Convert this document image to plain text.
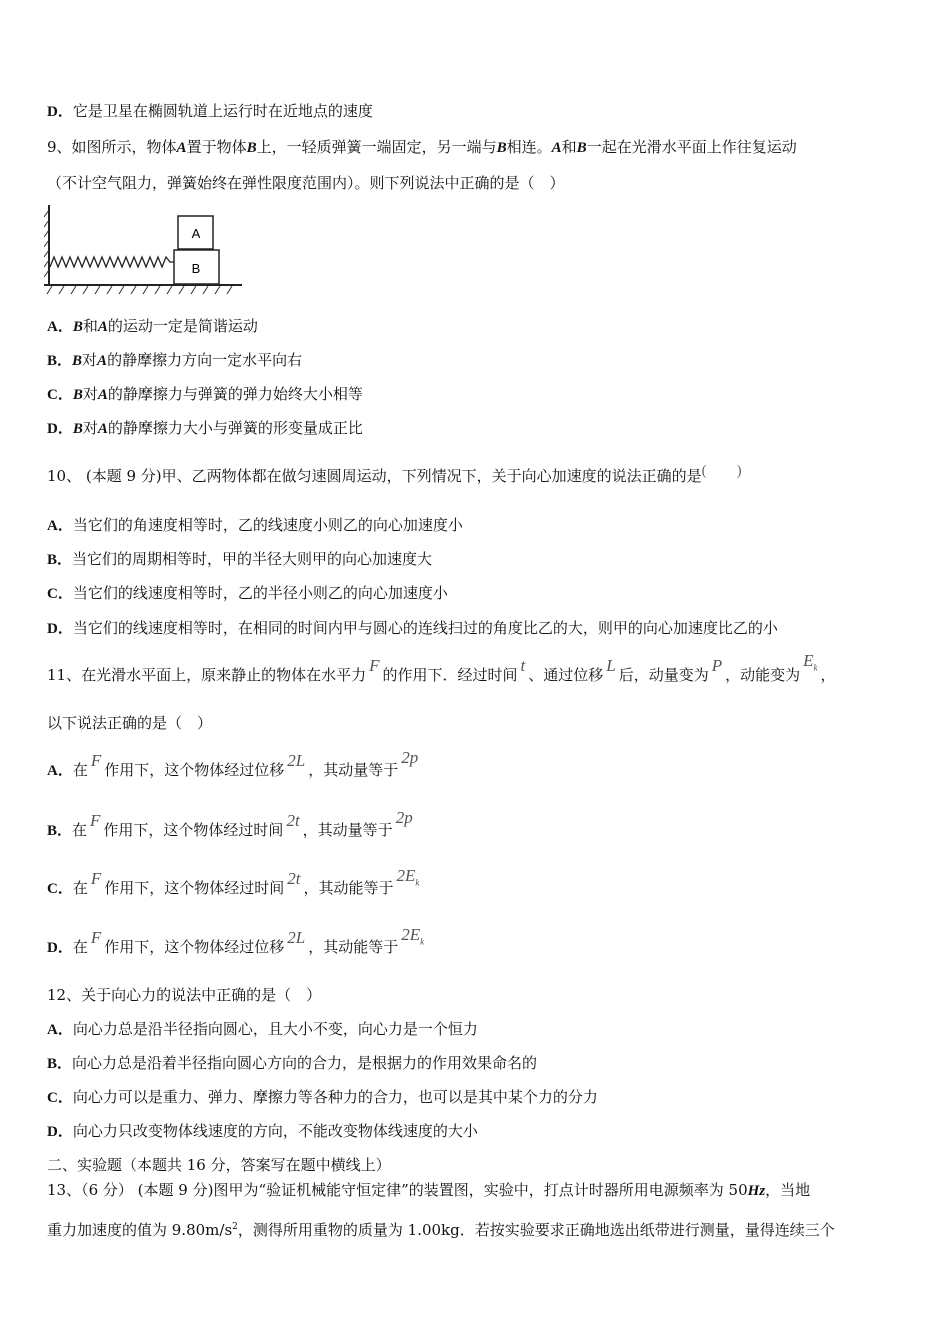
D．它是卫星在椭圆轨道上运行时在近地点的速度
9、如图所示，物体A置于物体B上，一轻质弹簧一端固定，另一端与B相连。A和B一起在光滑水平面上作往复运动
（不计空气阻力，弹簧始终在弹性限度范围内）。则下列说法中正确的是（　）
A
B
A．B和A的运动一定是简谐运动
B．B对A的静摩擦力方向一定水平向右
C．B对A的静摩擦力与弹簧的弹力始终大小相等
D．B对A的静摩擦力大小与弹簧的形变量成正比
10、 (本题 9 分)甲、乙两物体都在做匀速圆周运动，下列情况下，关于向心加速度的说法正确的是(　　)
A．当它们的角速度相等时，乙的线速度小则乙的向心加速度小
B．当它们的周期相等时，甲的半径大则甲的向心加速度大
C．当它们的线速度相等时，乙的半径小则乙的向心加速度小
D．当它们的线速度相等时，在相同的时间内甲与圆心的连线扫过的角度比乙的大，则甲的向心加速度比乙的小
11、在光滑水平面上，原来静止的物体在水平力 F 的作用下．经过时间 t 、通过位移 L 后，动量变为 P ，动能变为$E_k$ ，
以下说法正确的是（　）
A．在 F 作用下，这个物体经过位移 2L ，其动量等于2p
B．在 F 作用下，这个物体经过时间 2t ，其动量等于2p
C．在 F 作用下，这个物体经过时间 2t ，其动能等于$2E_k$
D．在 F 作用下，这个物体经过位移 2L ，其动能等于$2E_k$
12、关于向心力的说法中正确的是（　）
A．向心力总是沿半径指向圆心，且大小不变，向心力是一个恒力
B．向心力总是沿着半径指向圆心方向的合力，是根据力的作用效果命名的
C．向心力可以是重力、弹力、摩擦力等各种力的合力，也可以是其中某个力的分力
D．向心力只改变物体线速度的方向，不能改变物体线速度的大小
二、实验题（本题共 16 分，答案写在题中横线上）
13、（6 分） (本题 9 分)图甲为“验证机械能守恒定律”的装置图，实验中，打点计时器所用电源频率为 50Hz，当地
重力加速度的值为 $9.80m/s^2$，测得所用重物的质量为 1.00kg．若按实验要求正确地选出纸带进行测量，量得连续三个
